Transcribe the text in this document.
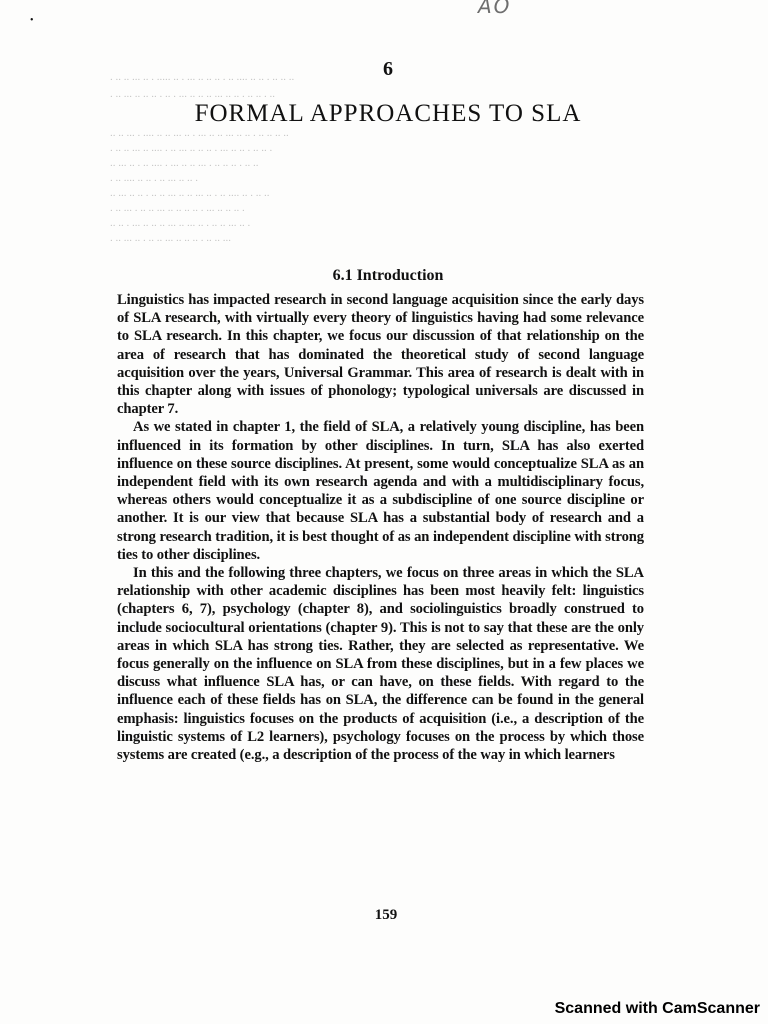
•
AO
. .. .. ... .. . ..... .. . ... .. .. .. . .. .... .. .. . .. .. ..
. .. ... .. .. .. . .. . ... .. .. .. ... .. .. . .. .. . ..
.. .. ... . .... .. .. ... .. . ... .. .. ... .. .. . .. .. .. ..
. .. .. ... .. .... . .. ... .. .. .. . ... .. .. . .. .. .
.. ... .. . .. .... . ... .. .. ... . .. .. .. . .. ..
. .. .... .. .. . .. ... .. .. .
.. ... .. .. . .. .. ... .. .. ... .. . .. .... .. . .. ..
. .. ... . .. .. ... .. .. .. .. . ... .. .. .. .
.. .. . ... .. .. .. ... .. ... .. . .. .. ... .. .
. .. ... .. . .. .. ... .. .. .. . .. .. ...
6
FORMAL APPROACHES TO SLA
6.1 Introduction

Linguistics has impacted research in second language acquisition since the early days of SLA research, with virtually every theory of linguistics having had some relevance to SLA research. In this chapter, we focus our discussion of that relationship on the area of research that has dominated the theoretical study of second language acquisition over the years, Universal Grammar. This area of research is dealt with in this chapter along with issues of phonology; typological universals are discussed in chapter 7.

As we stated in chapter 1, the field of SLA, a relatively young discipline, has been influenced in its formation by other disciplines. In turn, SLA has also exerted influence on these source disciplines. At present, some would conceptualize SLA as an independent field with its own research agenda and with a multidisciplinary focus, whereas others would conceptualize it as a subdiscipline of one source discipline or another. It is our view that because SLA has a substantial body of research and a strong research tradition, it is best thought of as an independent discipline with strong ties to other disciplines.

In this and the following three chapters, we focus on three areas in which the SLA relationship with other academic disciplines has been most heavily felt: linguistics (chapters 6, 7), psychology (chapter 8), and sociolinguistics broadly construed to include sociocultural orientations (chapter 9). This is not to say that these are the only areas in which SLA has strong ties. Rather, they are selected as representative. We focus generally on the influence on SLA from these disciplines, but in a few places we discuss what influence SLA has, or can have, on these fields. With regard to the influence each of these fields has on SLA, the difference can be found in the general emphasis: linguistics focuses on the products of acquisition (i.e., a description of the linguistic systems of L2 learners), psychology focuses on the process by which those systems are created (e.g., a description of the process of the way in which learners

159
Scanned with CamScanner
